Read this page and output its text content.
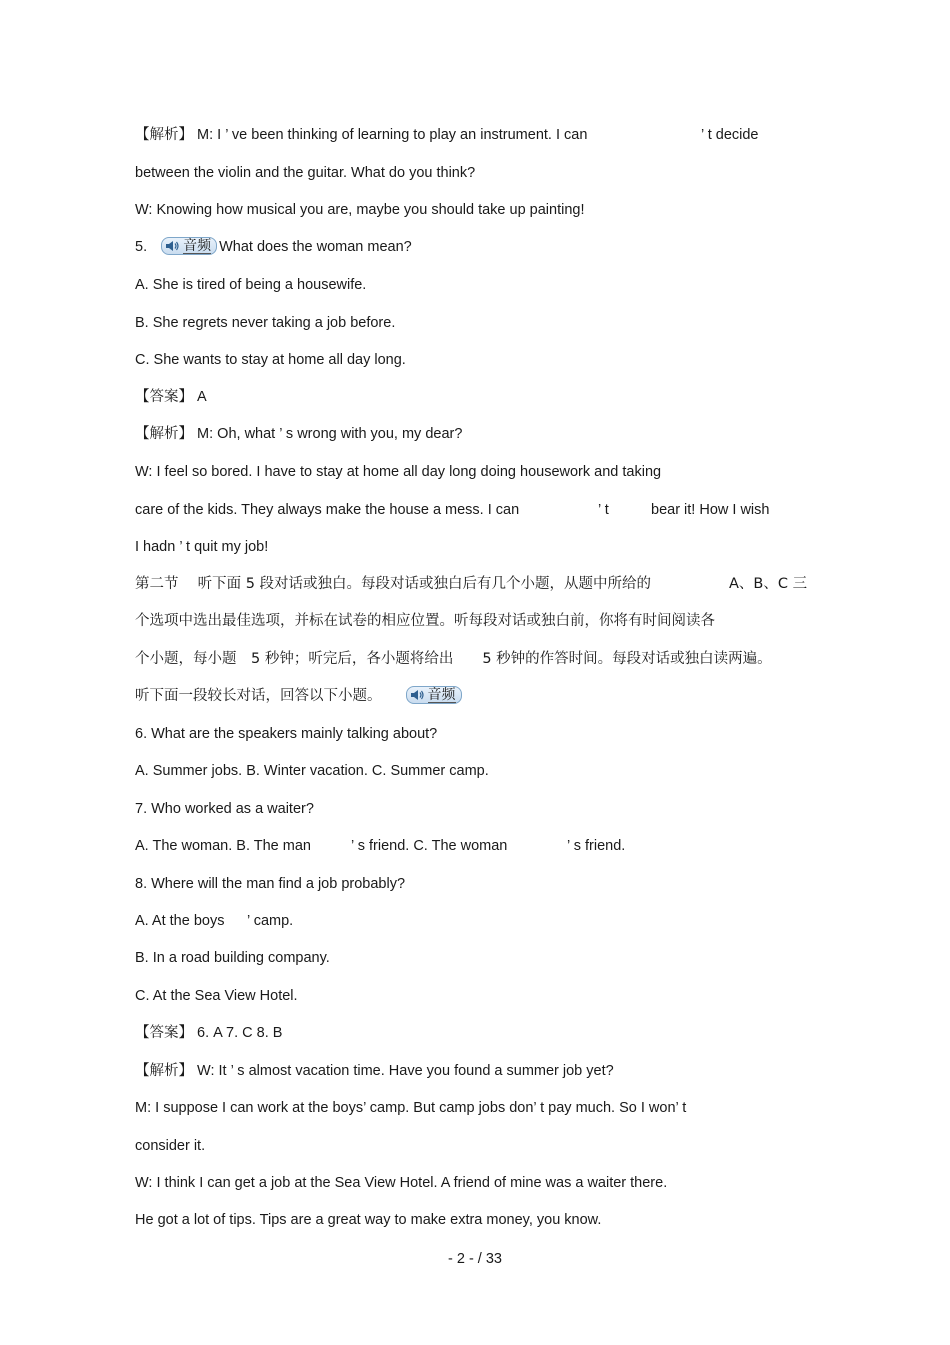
【解析】 M: I ’ ve been thinking of learning to play an instrument. I can	’ t decide
between the violin and the guitar. What do you think?
W: Knowing how musical you are, maybe you should take up painting!
5.	音频 What does the woman mean?
A. She is tired of being a housewife.
B. She regrets never taking a job before.
C. She wants to stay at home all day long.
【答案】 A
【解析】 M: Oh, what ’ s wrong with you, my dear?
W: I feel so bored. I have to stay at home all day long doing housework and taking
care of the kids. They always make the house a mess. I can	’ t	bear it! How I wish
I hadn ’ t quit my job!
第二节　 听下面 5 段对话或独白。每段对话或独白后有几个小题，从题中所给的	A、B、C 三
个选项中选出最佳选项，并标在试卷的相应位置。听每段对话或独白前，你将有时间阅读各
个小题，每小题　5 秒钟；听完后，各小题将给出　　5 秒钟的作答时间。每段对话或独白读两遍。
听下面一段较长对话，回答以下小题。	音频
6. What are the speakers mainly talking about?
A. Summer jobs. B. Winter vacation. C. Summer camp.
7. Who worked as a waiter?
A. The woman. B. The man	’ s friend. C. The woman	’ s friend.
8. Where will the man find a job probably?
A. At the boys ’ camp.
B. In a road building company.
C. At the Sea View Hotel.
【答案】 6. A 7. C 8. B
【解析】 W: It ’ s almost vacation time. Have you found a summer job yet?
M: I suppose I can work at the boys’ camp. But camp jobs don’ t pay much. So I won’ t
consider it.
W: I think I can get a job at the Sea View Hotel. A friend of mine was a waiter there.
He got a lot of tips. Tips are a great way to make extra money, you know.
- 2 - / 33
